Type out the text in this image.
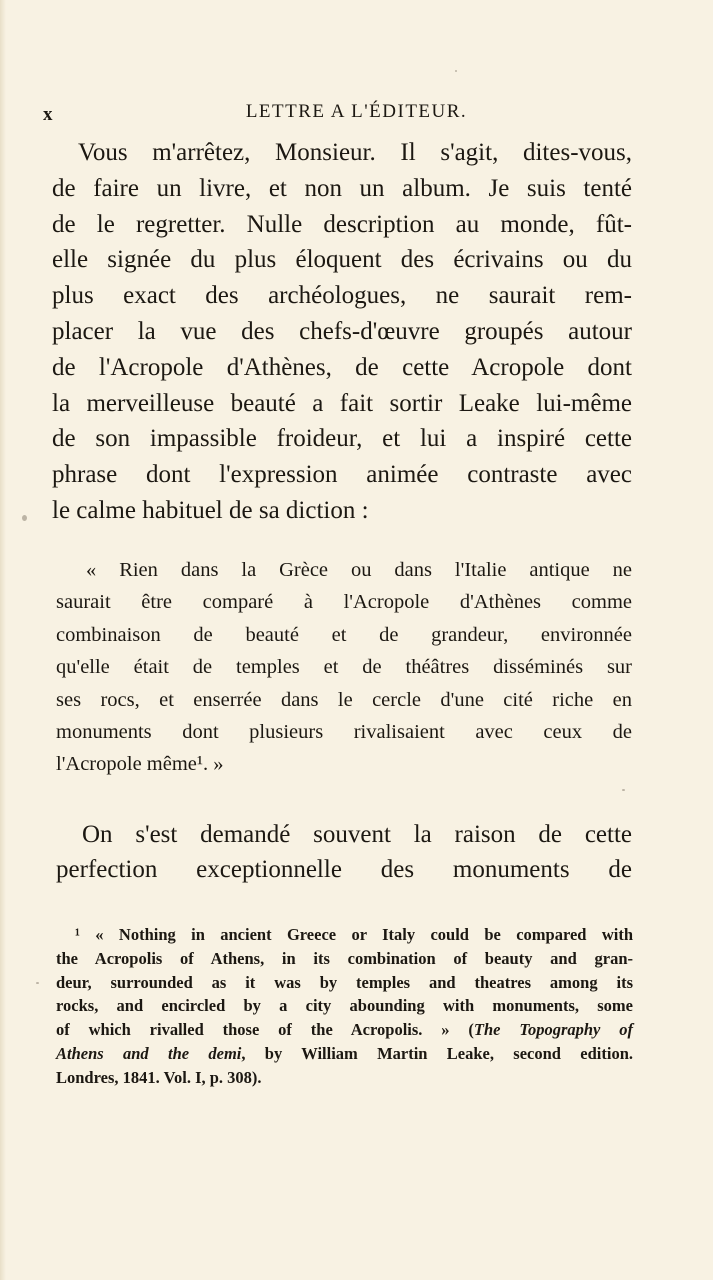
x	LETTRE A L'ÉDITEUR.
Vous m'arrêtez, Monsieur. Il s'agit, dites-vous,
de faire un livre, et non un album. Je suis tenté
de le regretter. Nulle description au monde, fût-
elle signée du plus éloquent des écrivains ou du
plus exact des archéologues, ne saurait rem-
placer la vue des chefs-d'œuvre groupés autour
de l'Acropole d'Athènes, de cette Acropole dont
la merveilleuse beauté a fait sortir Leake lui-même
de son impassible froideur, et lui a inspiré cette
phrase dont l'expression animée contraste avec
le calme habituel de sa diction :
« Rien dans la Grèce ou dans l'Italie antique ne
saurait être comparé à l'Acropole d'Athènes comme
combinaison de beauté et de grandeur, environnée
qu'elle était de temples et de théâtres disséminés sur
ses rocs, et enserrée dans le cercle d'une cité riche en
monuments dont plusieurs rivalisaient avec ceux de
l'Acropole même¹. »
On s'est demandé souvent la raison de cette
perfection exceptionnelle des monuments de
¹ « Nothing in ancient Greece or Italy could be compared with
the Acropolis of Athens, in its combination of beauty and gran-
deur, surrounded as it was by temples and theatres among its
rocks, and encircled by a city abounding with monuments, some
of which rivalled those of the Acropolis. » (The Topography of
Athens and the demi, by William Martin Leake, second edition.
Londres, 1841. Vol. I, p. 308).
